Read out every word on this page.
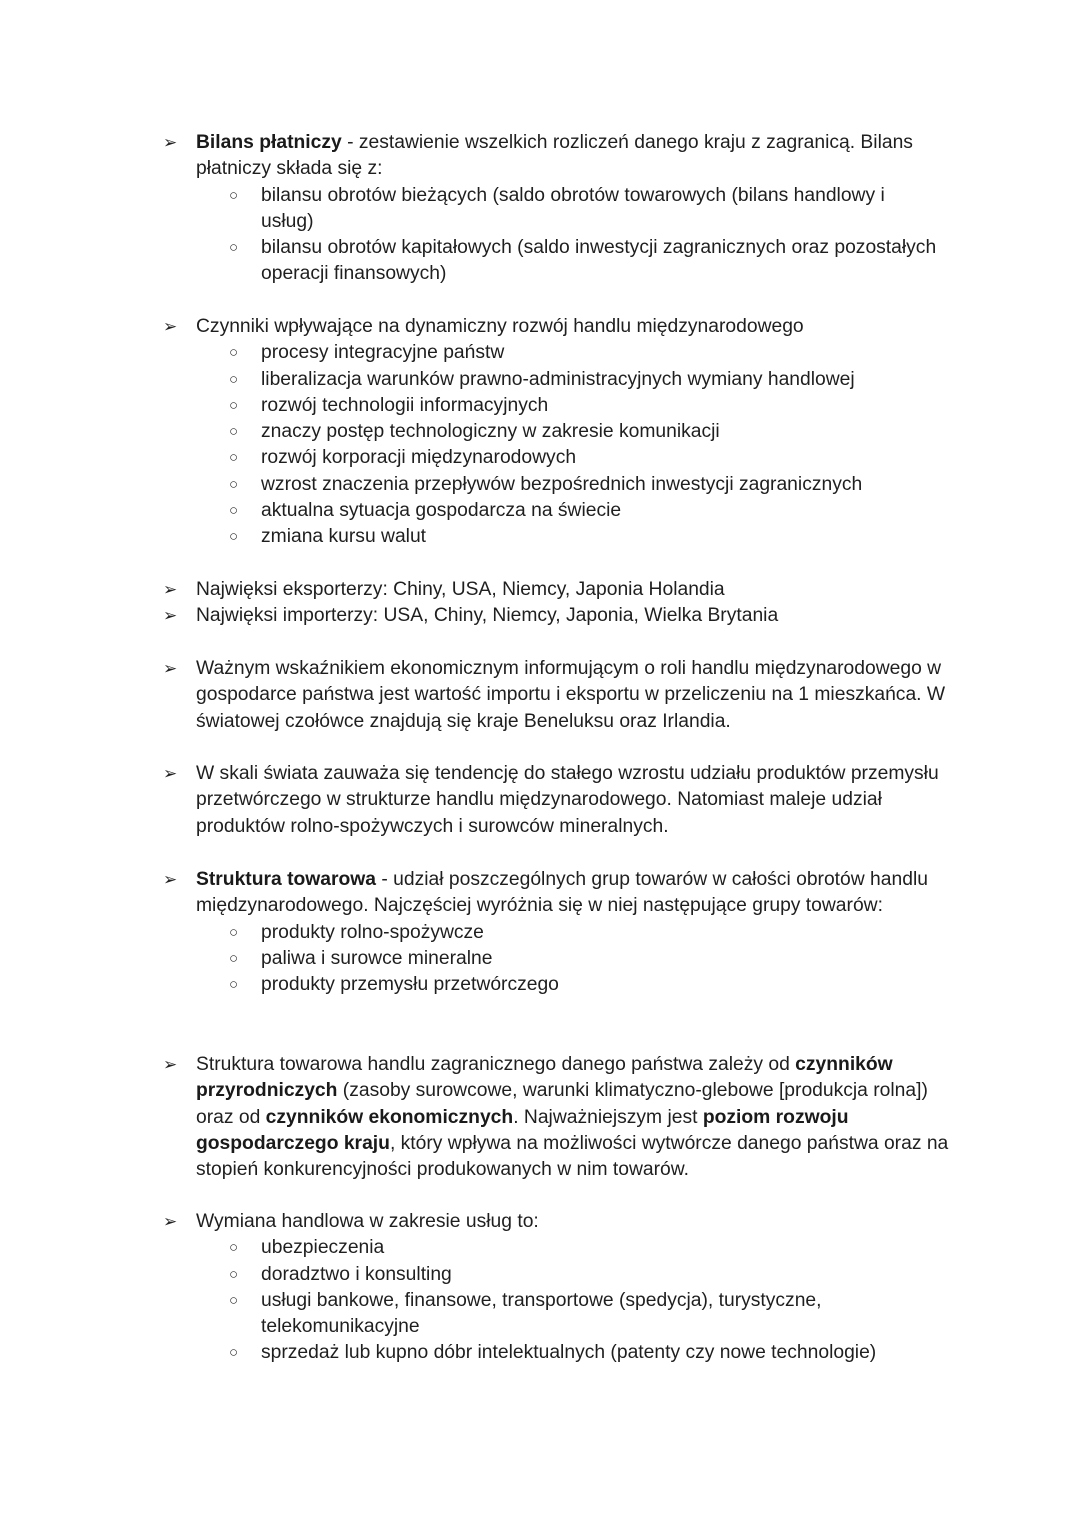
➢ Bilans płatniczy - zestawienie wszelkich rozliczeń danego kraju z zagranicą. Bilans płatniczy składa się z:
○ bilansu obrotów bieżących (saldo obrotów towarowych (bilans handlowy i usług)
○ bilansu obrotów kapitałowych (saldo inwestycji zagranicznych oraz pozostałych operacji finansowych)
➢ Czynniki wpływające na dynamiczny rozwój handlu międzynarodowego
○ procesy integracyjne państw
○ liberalizacja warunków prawno-administracyjnych wymiany handlowej
○ rozwój technologii informacyjnych
○ znaczy postęp technologiczny w zakresie komunikacji
○ rozwój korporacji międzynarodowych
○ wzrost znaczenia przepływów bezpośrednich inwestycji zagranicznych
○ aktualna sytuacja gospodarcza na świecie
○ zmiana kursu walut
➢ Najwięksi eksporterzy: Chiny, USA, Niemcy, Japonia Holandia
➢ Najwięksi importerzy: USA, Chiny, Niemcy, Japonia, Wielka Brytania
➢ Ważnym wskaźnikiem ekonomicznym informującym o roli handlu międzynarodowego w gospodarce państwa jest wartość importu i eksportu w przeliczeniu na 1 mieszkańca. W światowej czołówce znajdują się kraje Beneluksu oraz Irlandia.
➢ W skali świata zauważa się tendencję do stałego wzrostu udziału produktów przemysłu przetwórczego w strukturze handlu międzynarodowego. Natomiast maleje udział produktów rolno-spożywczych i surowców mineralnych.
➢ Struktura towarowa - udział poszczególnych grup towarów w całości obrotów handlu międzynarodowego. Najczęściej wyróżnia się w niej następujące grupy towarów:
○ produkty rolno-spożywcze
○ paliwa i surowce mineralne
○ produkty przemysłu przetwórczego
➢ Struktura towarowa handlu zagranicznego danego państwa zależy od czynników przyrodniczych (zasoby surowcowe, warunki klimatyczno-glebowe [produkcja rolna]) oraz od czynników ekonomicznych. Najważniejszym jest poziom rozwoju gospodarczego kraju, który wpływa na możliwości wytwórcze danego państwa oraz na stopień konkurencyjności produkowanych w nim towarów.
➢ Wymiana handlowa w zakresie usług to:
○ ubezpieczenia
○ doradztwo i konsulting
○ usługi bankowe, finansowe, transportowe (spedycja), turystyczne, telekomunikacyjne
○ sprzedaż lub kupno dóbr intelektualnych (patenty czy nowe technologie)
